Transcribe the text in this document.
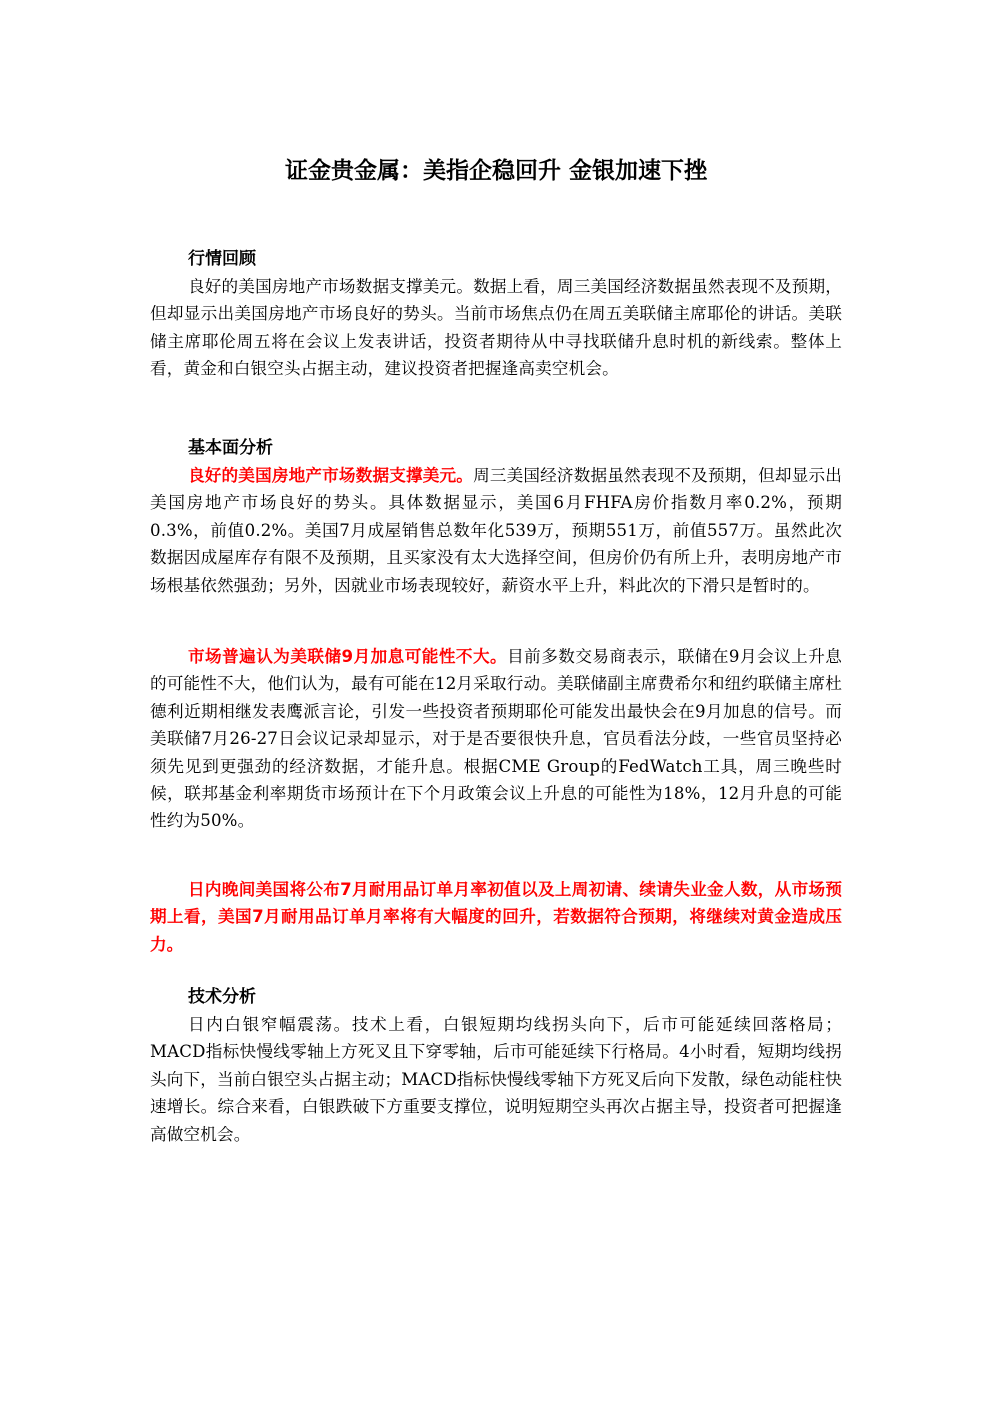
证金贵金属：美指企稳回升 金银加速下挫
行情回顾

良好的美国房地产市场数据支撑美元。数据上看，周三美国经济数据虽然表现不及预期，但却显示出美国房地产市场良好的势头。当前市场焦点仍在周五美联储主席耶伦的讲话。美联储主席耶伦周五将在会议上发表讲话，投资者期待从中寻找联储升息时机的新线索。整体上看，黄金和白银空头占据主动，建议投资者把握逢高卖空机会。

基本面分析

良好的美国房地产市场数据支撑美元。周三美国经济数据虽然表现不及预期，但却显示出美国房地产市场良好的势头。具体数据显示，美国6月FHFA房价指数月率0.2%，预期0.3%，前值0.2%。美国7月成屋销售总数年化539万，预期551万，前值557万。虽然此次数据因成屋库存有限不及预期，且买家没有太大选择空间，但房价仍有所上升，表明房地产市场根基依然强劲；另外，因就业市场表现较好，薪资水平上升，料此次的下滑只是暂时的。

市场普遍认为美联储9月加息可能性不大。目前多数交易商表示，联储在9月会议上升息的可能性不大，他们认为，最有可能在12月采取行动。美联储副主席费希尔和纽约联储主席杜德利近期相继发表鹰派言论，引发一些投资者预期耶伦可能发出最快会在9月加息的信号。而美联储7月26-27日会议记录却显示，对于是否要很快升息，官员看法分歧，一些官员坚持必须先见到更强劲的经济数据，才能升息。根据CME Group的FedWatch工具，周三晚些时候，联邦基金利率期货市场预计在下个月政策会议上升息的可能性为18%，12月升息的可能性约为50%。

日内晚间美国将公布7月耐用品订单月率初值以及上周初请、续请失业金人数，从市场预期上看，美国7月耐用品订单月率将有大幅度的回升，若数据符合预期，将继续对黄金造成压力。

技术分析

日内白银窄幅震荡。技术上看，白银短期均线拐头向下，后市可能延续回落格局；MACD指标快慢线零轴上方死叉且下穿零轴，后市可能延续下行格局。4小时看，短期均线拐头向下，当前白银空头占据主动；MACD指标快慢线零轴下方死叉后向下发散，绿色动能柱快速增长。综合来看，白银跌破下方重要支撑位，说明短期空头再次占据主导，投资者可把握逢高做空机会。
